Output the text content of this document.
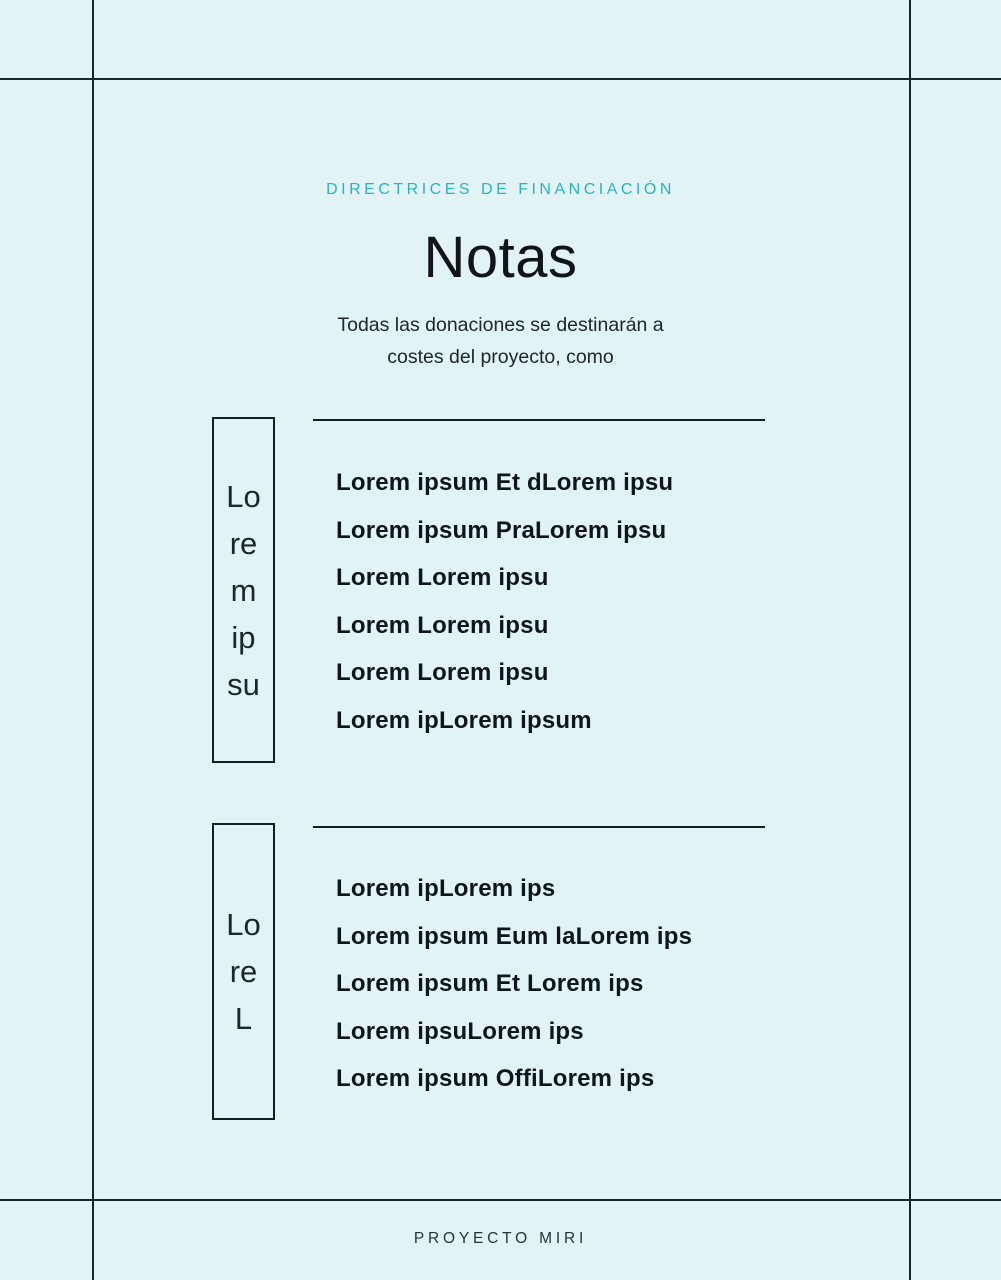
DIRECTRICES DE FINANCIACIÓN
Notas
Todas las donaciones se destinarán a
costes del proyecto, como
Lo
re
m
ip
su
Lorem ipsum Et dLorem ipsu
Lorem ipsum PraLorem ipsu
Lorem Lorem ipsu
Lorem Lorem ipsu
Lorem Lorem ipsu
Lorem ipLorem ipsum
Lo
re
L
Lorem ipLorem ips
Lorem ipsum Eum laLorem ips
Lorem ipsum Et Lorem ips
Lorem ipsuLorem ips
Lorem ipsum OffiLorem ips
PROYECTO MIRI
